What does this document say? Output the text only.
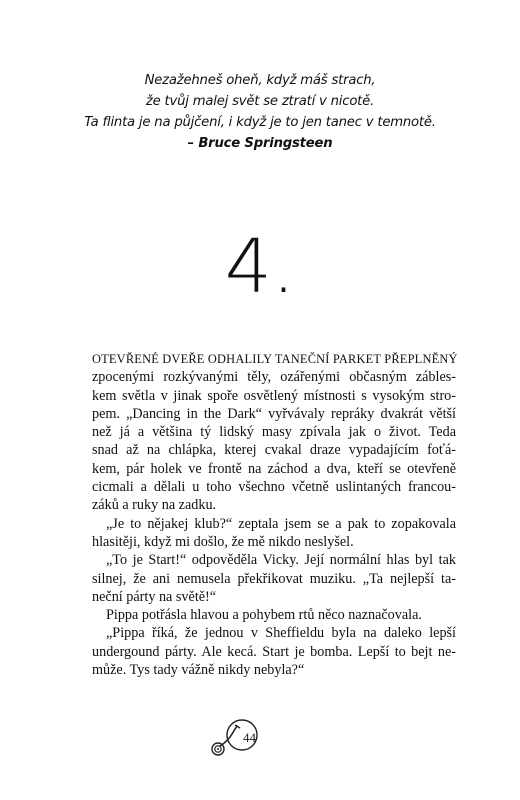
Nezažehneš oheň, když máš strach,
že tvůj malej svět se ztratí v nicotě.
Ta flinta je na půjčení, i když je to jen tanec v temnotě.
– Bruce Springsteen
4.
OTEVŘENÉ DVEŘE ODHALILY TANEČNÍ PARKET PŘEPLNĚNÝ
zpocenými rozkývanými těly, ozářenými občasným zábles-
kem světla v jinak spoře osvětlený místnosti s vysokým stro-
pem. „Dancing in the Dark“ vyřvávaly repráky dvakrát větší
než já a většina tý lidský masy zpívala jak o život. Teda
snad až na chlápka, kterej cvakal draze vypadajícím foťá-
kem, pár holek ve frontě na záchod a dva, kteří se otevřeně
cicmali a dělali u toho všechno včetně uslintaných francou-
záků a ruky na zadku.
„Je to nějakej klub?“ zeptala jsem se a pak to zopakovala
hlasitěji, když mi došlo, že mě nikdo neslyšel.
„To je Start!“ odpověděla Vicky. Její normální hlas byl tak
silnej, že ani nemusela překřikovat muziku. „Ta nejlepší ta-
neční párty na světě!“
Pippa potřásla hlavou a pohybem rtů něco naznačovala.
„Pippa říká, že jednou v Sheffieldu byla na daleko lepší
undergound párty. Ale kecá. Start je bomba. Lepší to bejt ne-
může. Tys tady vážně nikdy nebyla?“
44
